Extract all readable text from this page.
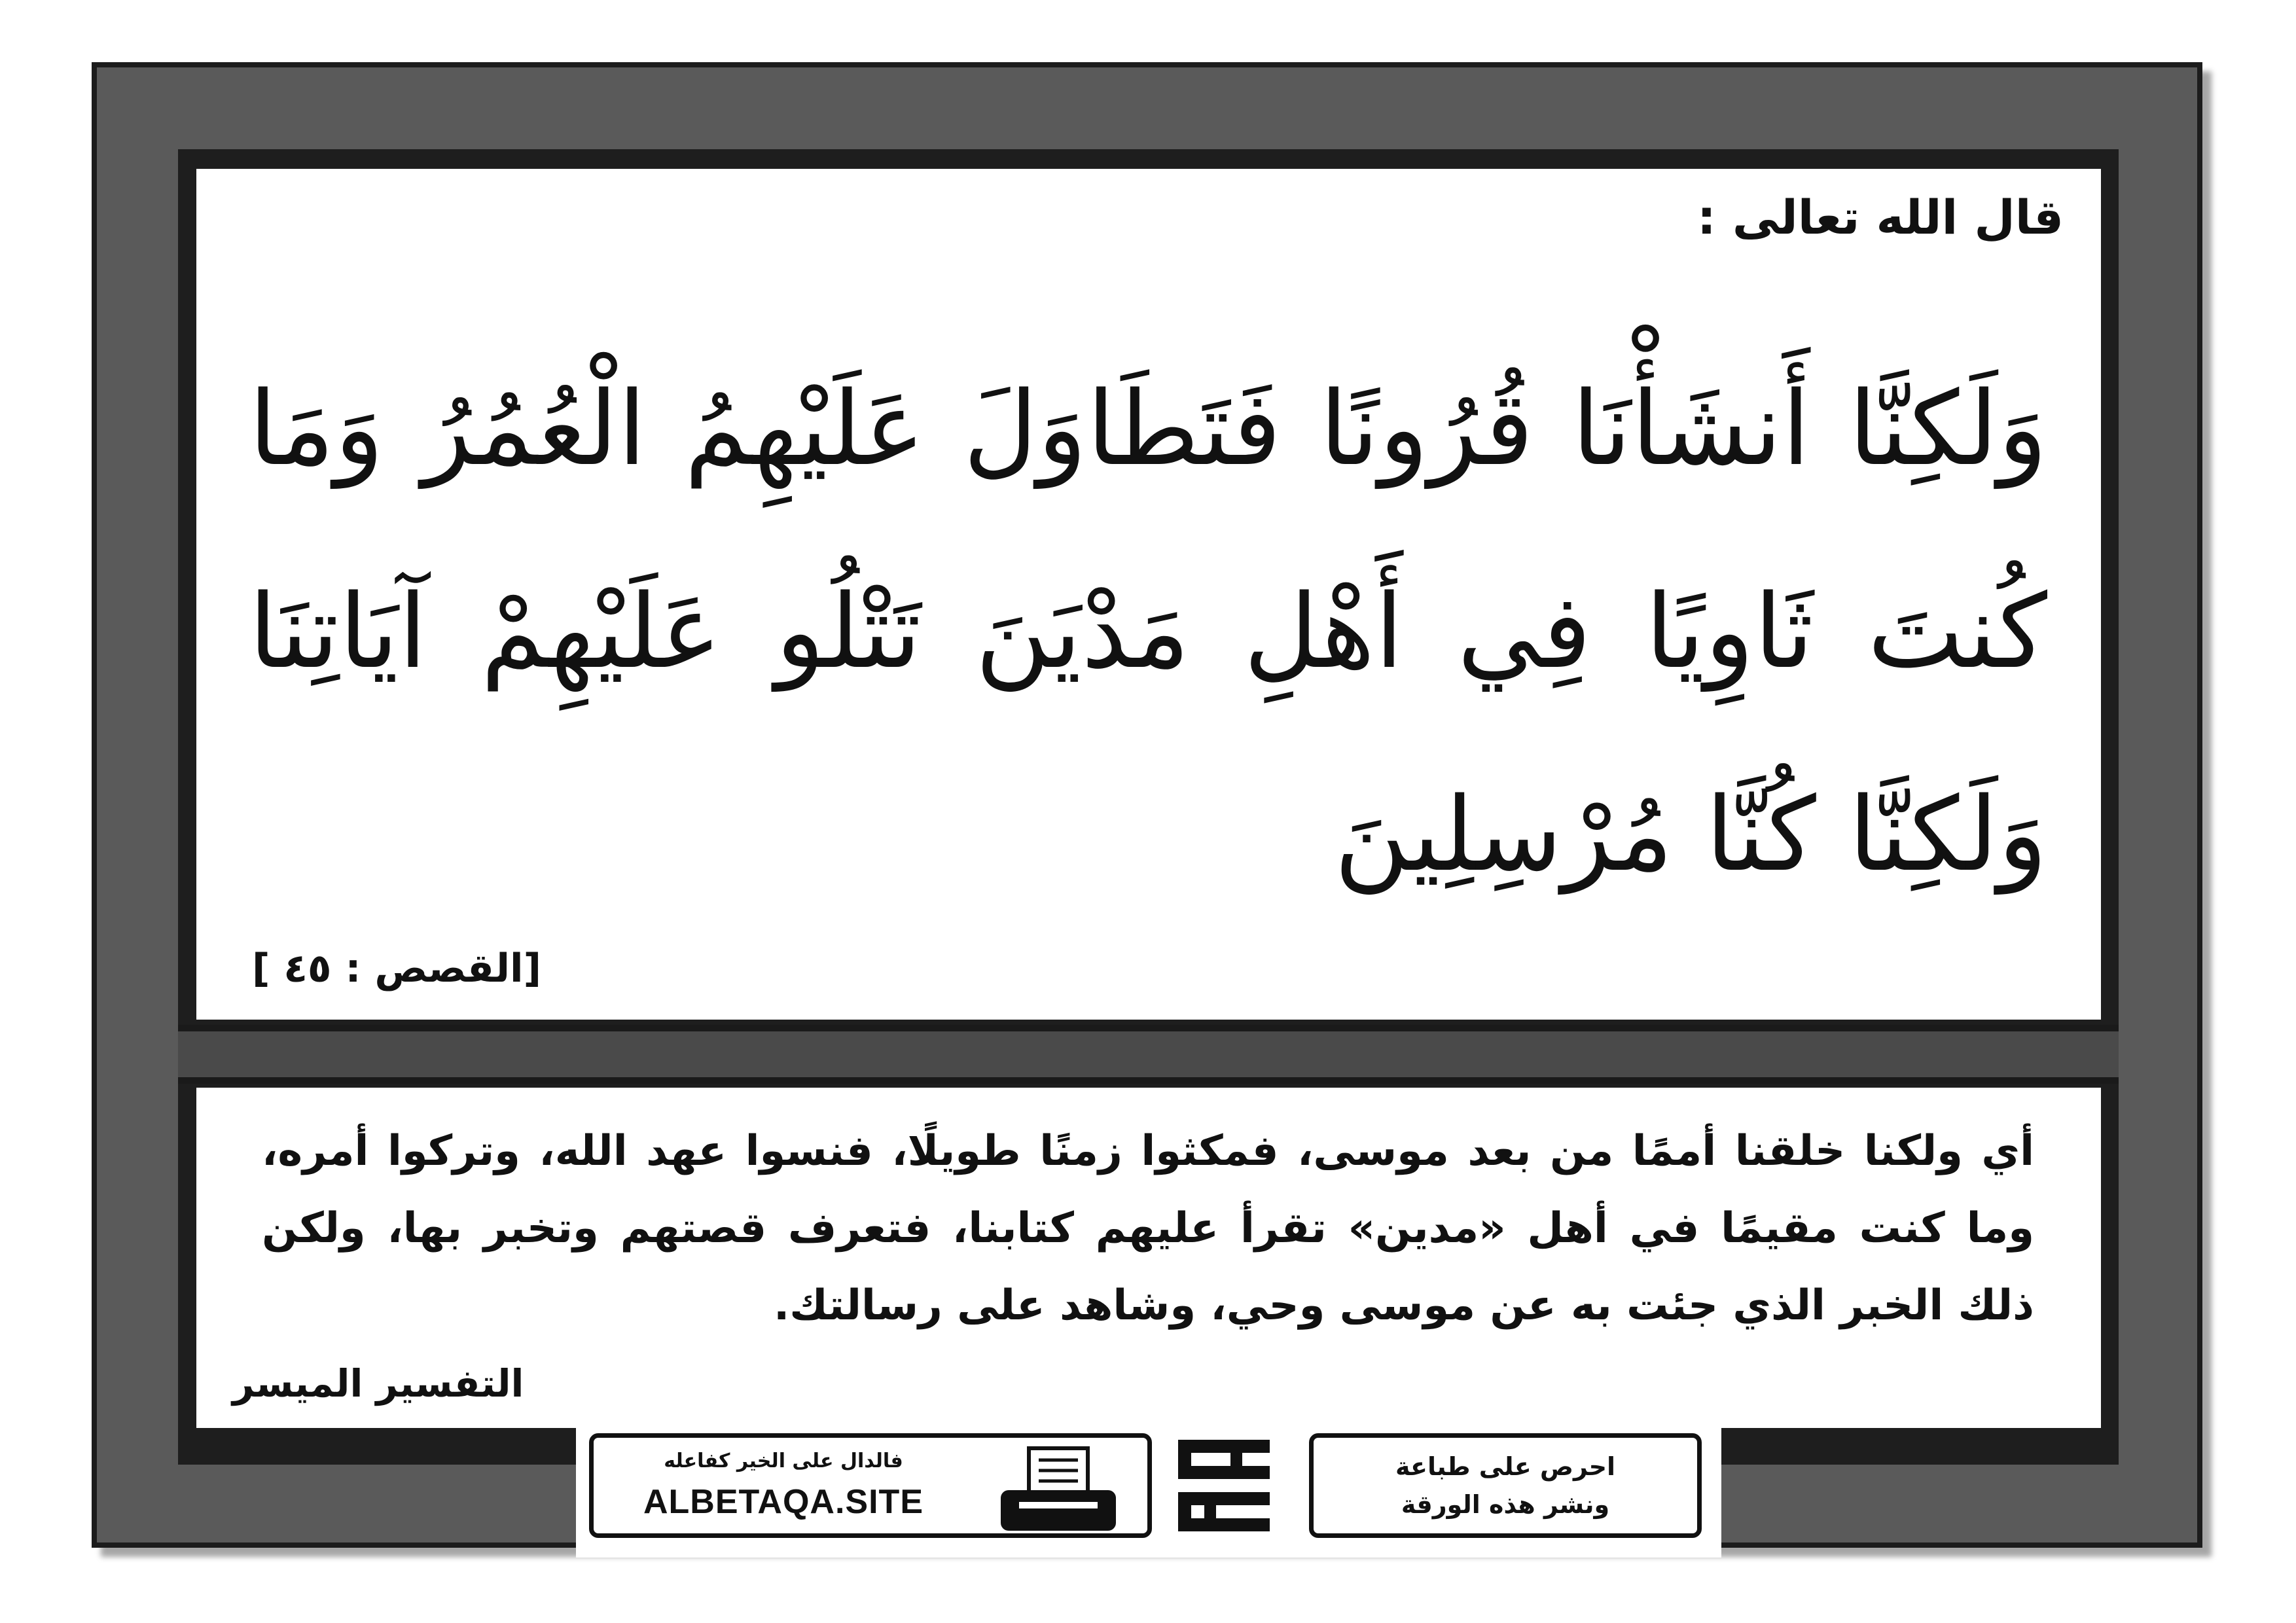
قال الله تعالى :
وَلَكِنَّا أَنشَأْنَا قُرُونًا فَتَطَاوَلَ عَلَيْهِمُ الْعُمُرُ وَمَا كُنتَ ثَاوِيًا فِي أَهْلِ مَدْيَنَ تَتْلُو عَلَيْهِمْ آيَاتِنَا وَلَكِنَّا كُنَّا مُرْسِلِينَ
[القصص : ٤٥ ]
أي ولكنا خلقنا أممًا من بعد موسى، فمكثوا زمنًا طويلًا، فنسوا عهد الله، وتركوا أمره، وما كنت مقيمًا في أهل «مدين» تقرأ عليهم كتابنا، فتعرف قصتهم وتخبر بها، ولكن ذلك الخبر الذي جئت به عن موسى وحي، وشاهد على رسالتك.
التفسير الميسر
فالدال على الخير كفاعله
ALBETAQA.SITE
احرص على طباعة
ونشر هذه الورقة
